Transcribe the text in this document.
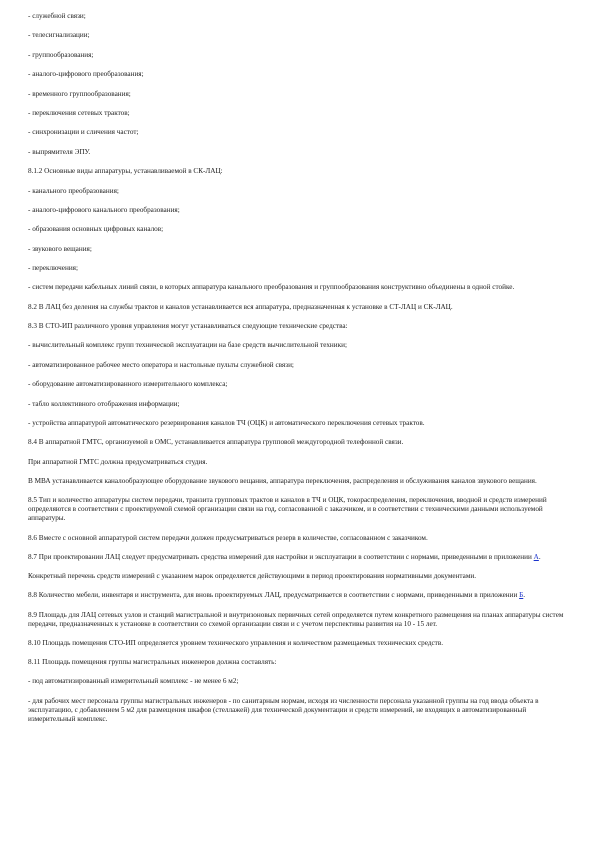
- служебной связи;

- телесигнализации;

- группообразования;

- аналого-цифрового преобразования;

- временного группообразования;

- переключения сетевых трактов;

- синхронизации и сличения частот;

- выпрямителя ЭПУ.

8.1.2 Основные виды аппаратуры, устанавливаемой в СК-ЛАЦ:

- канального преобразования;

- аналого-цифрового канального преобразования;

- образования основных цифровых каналов;

- звукового вещания;

- переключения;

- систем передачи кабельных линий связи, в которых аппаратура канального преобразования и группообразования конструктивно объединены в одной стойке.

8.2 В ЛАЦ без деления на службы трактов и каналов устанавливается вся аппаратура, предназначенная к установке в СТ-ЛАЦ и СК-ЛАЦ.

8.3 В СТО-ИП различного уровня управления могут устанавливаться следующие технические средства:

- вычислительный комплекс групп технической эксплуатации на базе средств вычислительной техники;

- автоматизированное рабочее место оператора и настольные пульты служебной связи;

- оборудование автоматизированного измерительного комплекса;

- табло коллективного отображения информации;

- устройства аппаратурой автоматического резервирования каналов ТЧ (ОЦК) и автоматического переключения сетевых трактов.

8.4 В аппаратной ГМТС, организуемой в ОМС, устанавливается аппаратура групповой междугородной телефонной связи.

При аппаратной ГМТС должна предусматриваться студия.

В МВА устанавливается каналообразующее оборудование звукового вещания, аппаратура переключения, распределения и обслуживания каналов звукового вещания.

8.5 Тип и количество аппаратуры систем передачи, транзита групповых трактов и каналов в ТЧ и ОЦК, токораспределения, переключения, вводной и средств измерений определяются в соответствии с проектируемой схемой организации связи на год, согласованной с заказчиком, и в соответствии с техническими данными используемой аппаратуры.

8.6 Вместе с основной аппаратурой систем передачи должен предусматриваться резерв в количестве, согласованном с заказчиком.

8.7 При проектировании ЛАЦ следует предусматривать средства измерений для настройки и эксплуатации в соответствии с нормами, приведенными в приложении А.

Конкретный перечень средств измерений с указанием марок определяется действующими в период проектирования нормативными документами.

8.8 Количество мебели, инвентаря и инструмента, для вновь проектируемых ЛАЦ, предусматривается в соответствии с нормами, приведенными в приложении Б.

8.9 Площадь для ЛАЦ сетевых узлов и станций магистральной и внутризоновых первичных сетей определяется путем конкретного размещения на планах аппаратуры систем передачи, предназначенных к установке в соответствии со схемой организации связи и с учетом перспективы развития на 10 - 15 лет.

8.10 Площадь помещения СТО-ИП определяется уровнем технического управления и количеством размещаемых технических средств.

8.11 Площадь помещения группы магистральных инженеров должна составлять:

- под автоматизированный измерительный комплекс - не менее 6 м2;

- для рабочих мест персонала группы магистральных инженеров - по санитарным нормам, исходя из численности персонала указанной группы на год ввода объекта в эксплуатацию, с добавлением 5 м2 для размещения шкафов (стеллажей) для технической документации и средств измерений, не входящих в автоматизированный измерительный комплекс.
